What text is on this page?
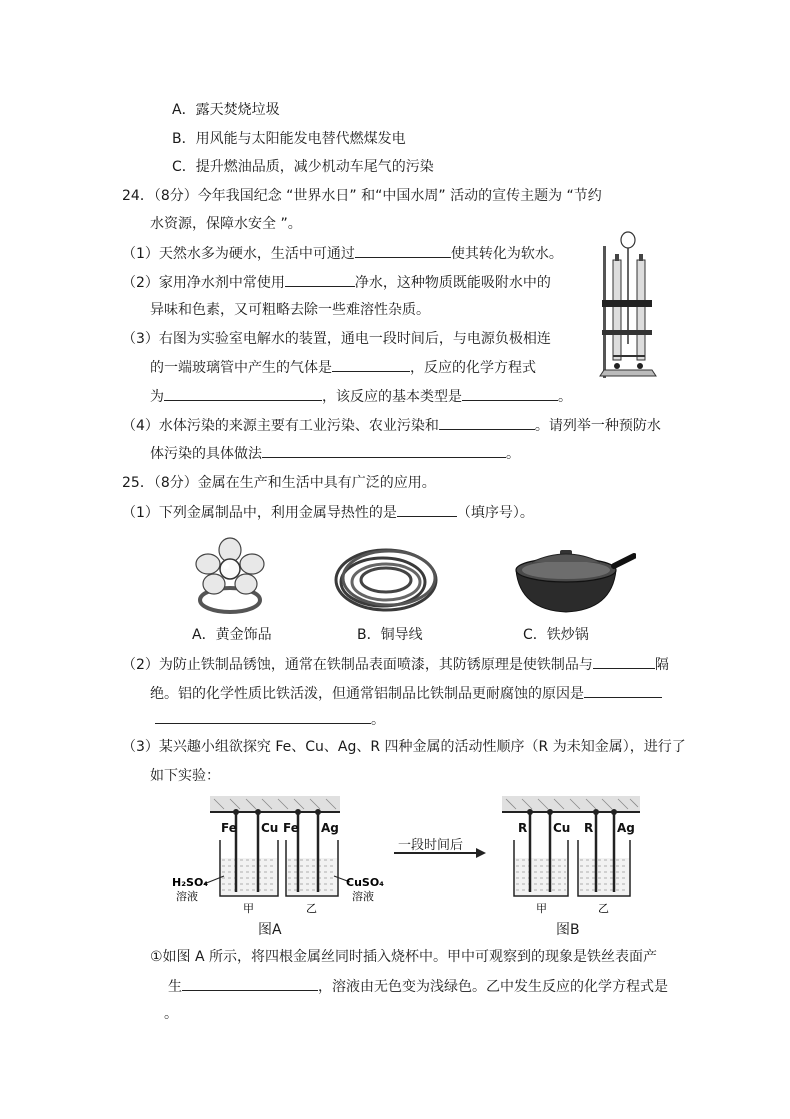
A．露天焚烧垃圾
B．用风能与太阳能发电替代燃煤发电
C．提升燃油品质，减少机动车尾气的污染
24．（8分）今年我国纪念 “世界水日” 和“中国水周” 活动的宣传主题为 “节约
水资源，保障水安全 ”。
（1）天然水多为硬水，生活中可通过	使其转化为软水。
（2）家用净水剂中常使用	净水，这种物质既能吸附水中的
异味和色素，又可粗略去除一些难溶性杂质。
（3）右图为实验室电解水的装置，通电一段时间后，与电源负极相连
的一端玻璃管中产生的气体是	，反应的化学方程式
为	，该反应的基本类型是	。
（4）水体污染的来源主要有工业污染、农业污染和	。请列举一种预防水
体污染的具体做法	。
25．（8分）金属在生产和生活中具有广泛的应用。
（1）下列金属制品中，利用金属导热性的是	（填序号）。
A．黄金饰品	B．铜导线	C．铁炒锅
（2）为防止铁制品锈蚀，通常在铁制品表面喷漆，其防锈原理是使铁制品与	隔
绝。铝的化学性质比铁活泼，但通常铝制品比铁制品更耐腐蚀的原因是
。
（3）某兴趣小组欲探究 Fe、Cu、Ag、R 四种金属的活动性顺序（R 为未知金属），进行了
如下实验：
Fe Cu Fe Ag
H₂SO₄
溶液
CuSO₄
溶液
甲	乙
图A
一段时间后
R Cu R Ag
甲	乙
图B
①如图 A 所示，将四根金属丝同时插入烧杯中。甲中可观察到的现象是铁丝表面产
生	，溶液由无色变为浅绿色。乙中发生反应的化学方程式是
。
